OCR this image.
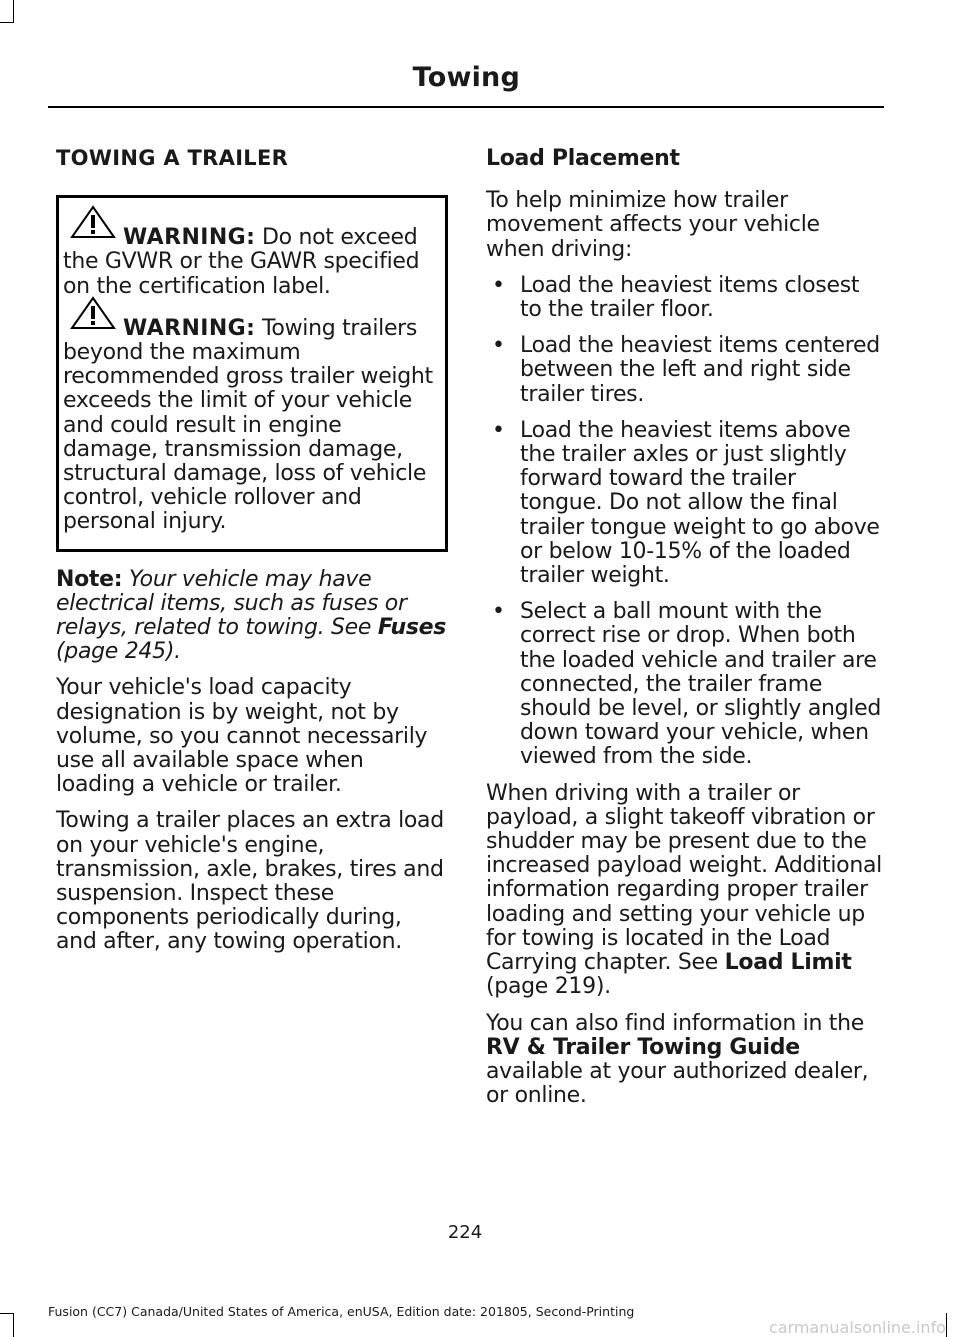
Towing
TOWING A TRAILER

WARNING: Do not exceed the GVWR or the GAWR specified on the certification label.

WARNING: Towing trailers beyond the maximum recommended gross trailer weight exceeds the limit of your vehicle and could result in engine damage, transmission damage, structural damage, loss of vehicle control, vehicle rollover and personal injury.

Note: Your vehicle may have electrical items, such as fuses or relays, related to towing. See Fuses (page 245).

Your vehicle's load capacity designation is by weight, not by volume, so you cannot necessarily use all available space when loading a vehicle or trailer.

Towing a trailer places an extra load on your vehicle's engine, transmission, axle, brakes, tires and suspension. Inspect these components periodically during, and after, any towing operation.

Load Placement

To help minimize how trailer movement affects your vehicle when driving:

• Load the heaviest items closest to the trailer floor.
• Load the heaviest items centered between the left and right side trailer tires.
• Load the heaviest items above the trailer axles or just slightly forward toward the trailer tongue. Do not allow the final trailer tongue weight to go above or below 10-15% of the loaded trailer weight.
• Select a ball mount with the correct rise or drop. When both the loaded vehicle and trailer are connected, the trailer frame should be level, or slightly angled down toward your vehicle, when viewed from the side.

When driving with a trailer or payload, a slight takeoff vibration or shudder may be present due to the increased payload weight. Additional information regarding proper trailer loading and setting your vehicle up for towing is located in the Load Carrying chapter. See Load Limit (page 219).

You can also find information in the RV & Trailer Towing Guide available at your authorized dealer, or online.

224
Fusion (CC7) Canada/United States of America, enUSA, Edition date: 201805, Second-Printing
carmanualsonline.info
